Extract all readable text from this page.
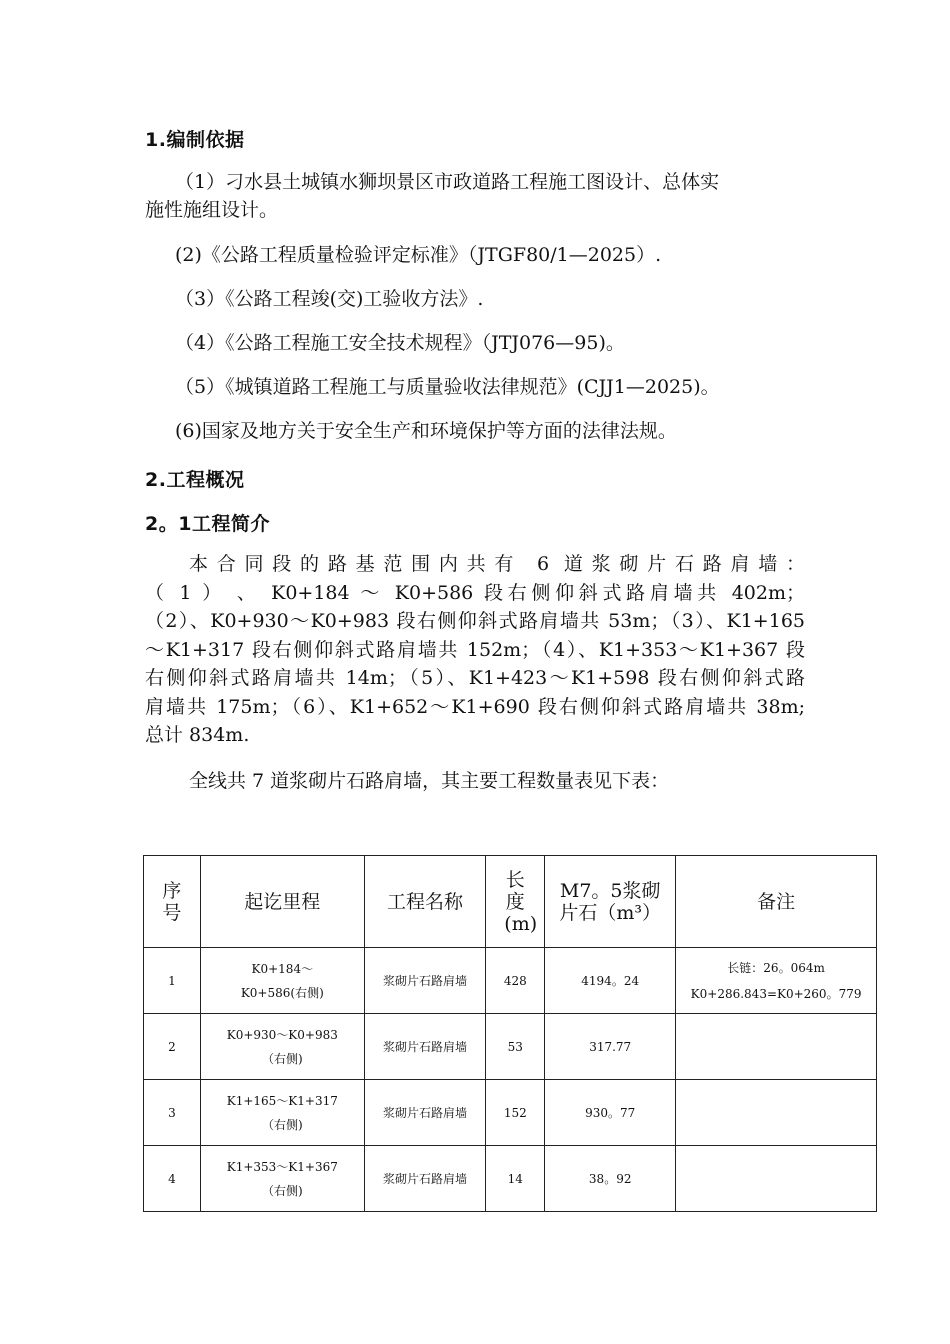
1.编制依据
（1）刁水县土城镇水狮坝景区市政道路工程施工图设计、总体实
施性施组设计。
(2)《公路工程质量检验评定标准》（JTGF80/1—2025）.
（3）《公路工程竣(交)工验收方法》.
（4）《公路工程施工安全技术规程》（JTJ076—95)。
（5）《城镇道路工程施工与质量验收法律规范》(CJJ1—2025)。
(6)国家及地方关于安全生产和环境保护等方面的法律法规。
2.工程概况
2。1工程简介
本合同段的路基范围内共有 6 道浆砌片石路肩墙：
（ 1 ） 、 K0+184 ～ K0+586 段右侧仰斜式路肩墙共 402m；
（2）、K0+930～K0+983 段右侧仰斜式路肩墙共 53m；（3）、K1+165
～K1+317 段右侧仰斜式路肩墙共 152m；（4）、K1+353～K1+367 段
右侧仰斜式路肩墙共 14m；（5）、K1+423～K1+598 段右侧仰斜式路
肩墙共 175m；（6）、K1+652～K1+690 段右侧仰斜式路肩墙共 38m;
总计 834m.
全线共 7 道浆砌片石路肩墙，其主要工程数量表见下表：
序号	起讫里程	工程名称	长度(m)	M7。5浆砌片石（m³）	备注
1	K0+184～K0+586(右侧)	浆砌片石路肩墙	428	4194。24	长链：26。064m
K0+286.843=K0+260。779

2	K0+930～K0+983（右侧)	浆砌片石路肩墙	53	317.77	
3	K1+165～K1+317（右侧)	浆砌片石路肩墙	152	930。77	
4	K1+353～K1+367（右侧)	浆砌片石路肩墙	14	38。92	
